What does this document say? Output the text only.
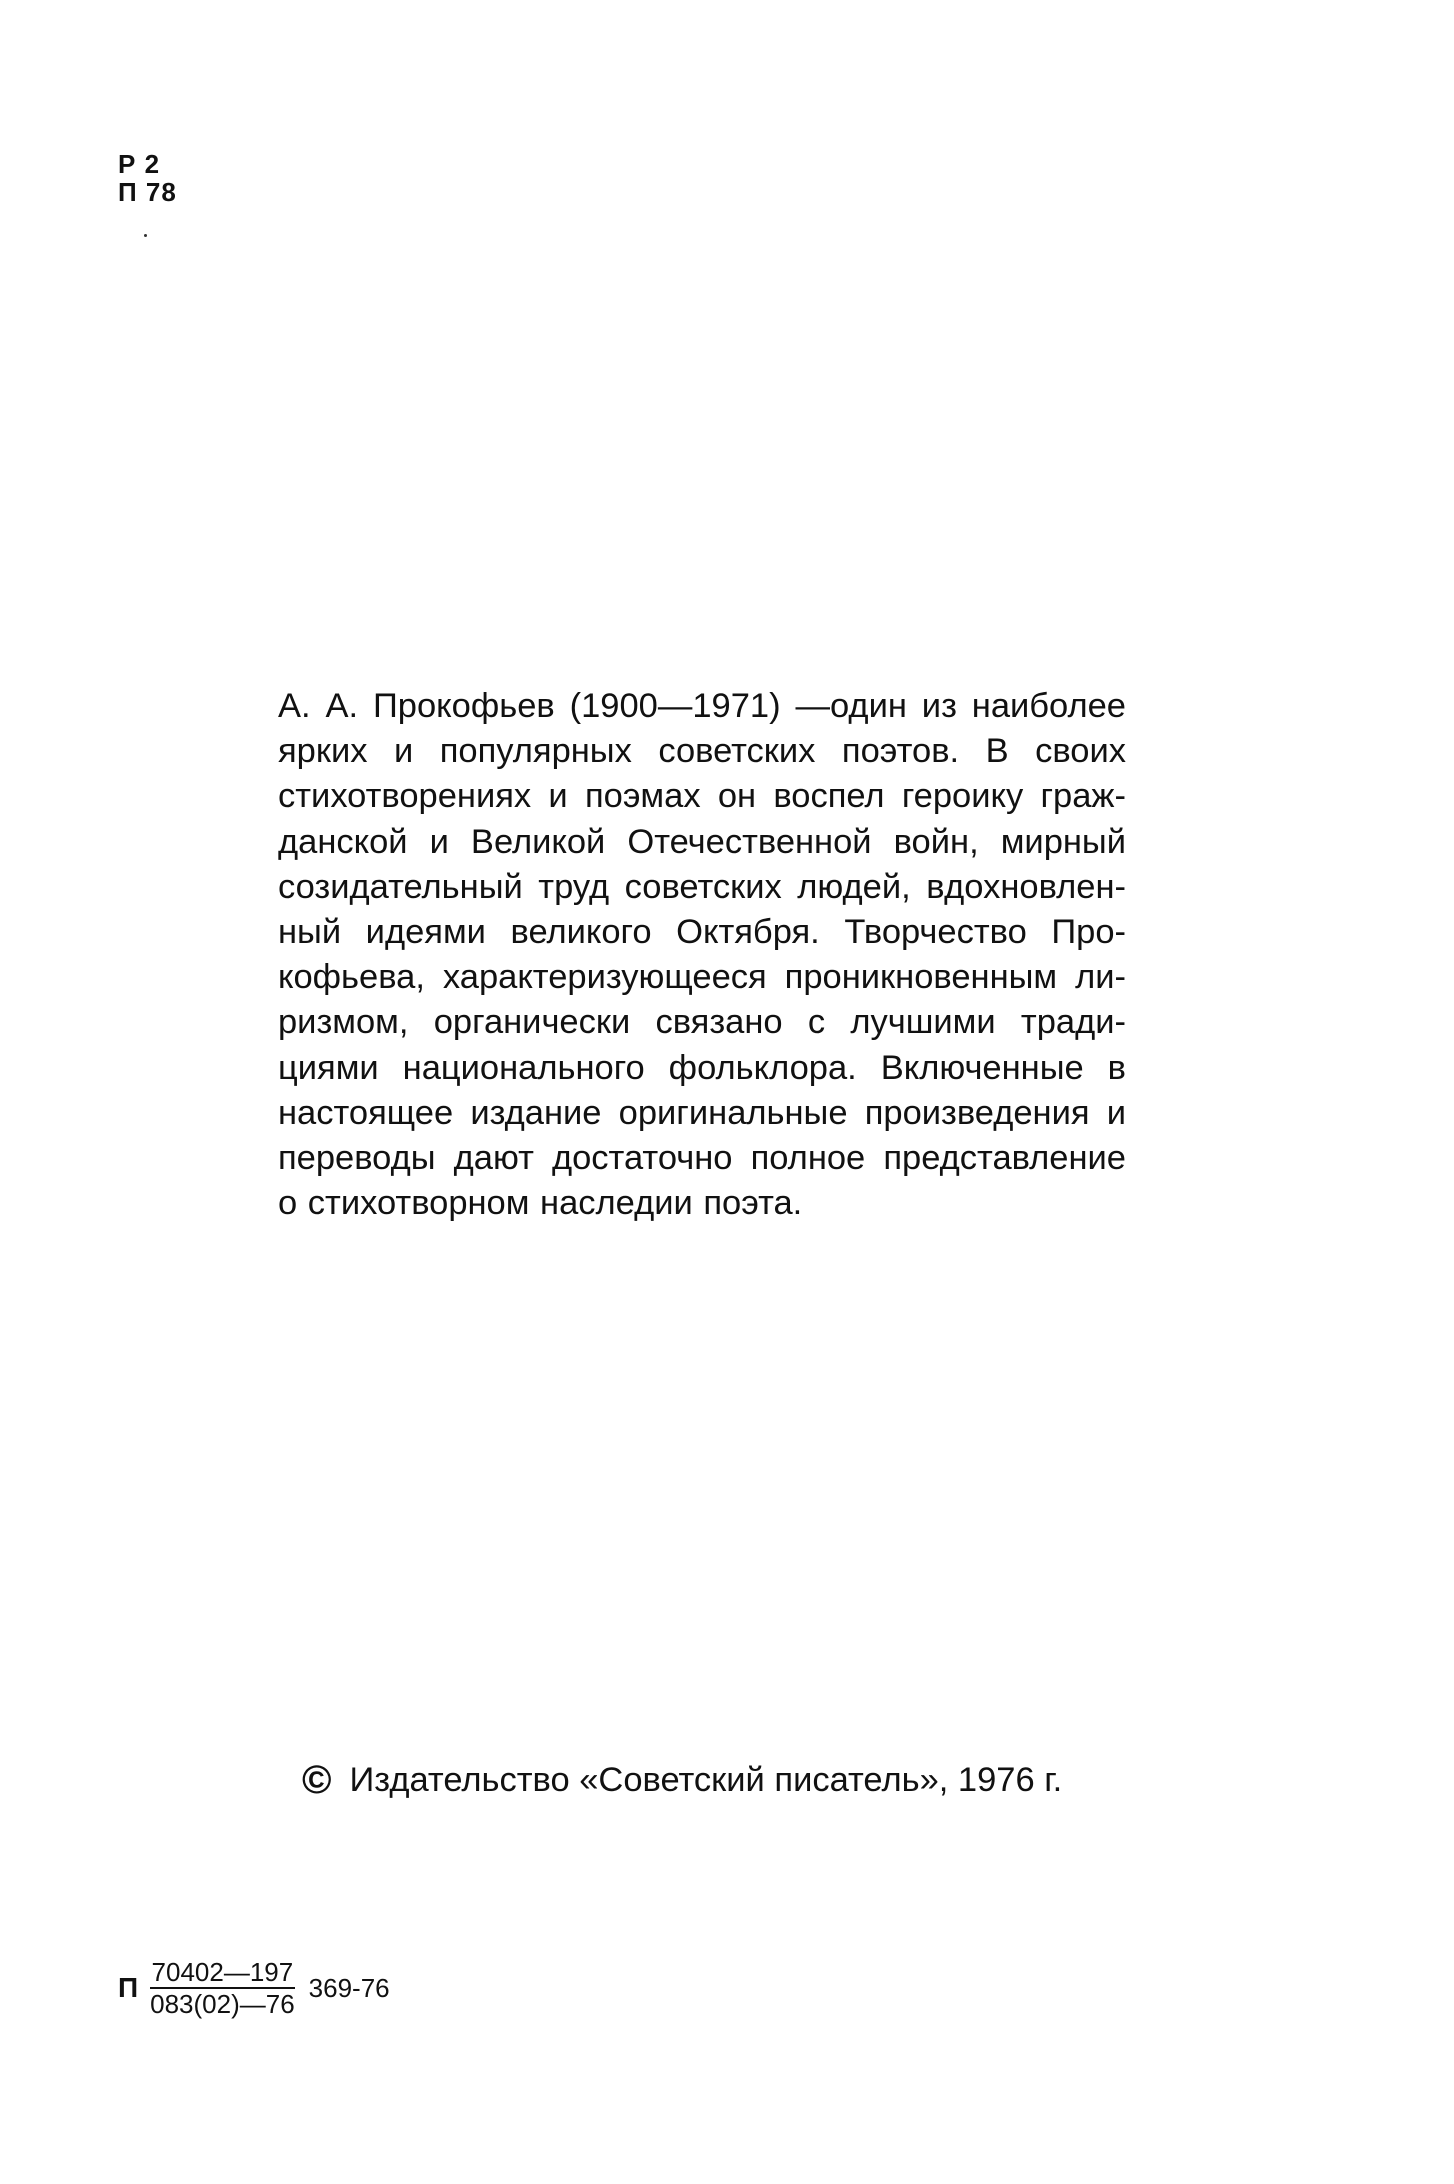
Р 2
П 78
А. А. Прокофьев (1900—1971) —один из наиболее
ярких и популярных советских поэтов. В своих
стихотворениях и поэмах он воспел героику граж-
данской и Великой Отечественной войн, мирный
созидательный труд советских людей, вдохновлен-
ный идеями великого Октября. Творчество Про-
кофьева, характеризующееся проникновенным ли-
ризмом, органически связано с лучшими тради-
циями национального фольклора. Включенные в
настоящее издание оригинальные произведения и
переводы дают достаточно полное представление
о стихотворном наследии поэта.
© Издательство «Советский писатель», 1976 г.
П $\frac{70402—197}{083(02)—76} 369-76$
